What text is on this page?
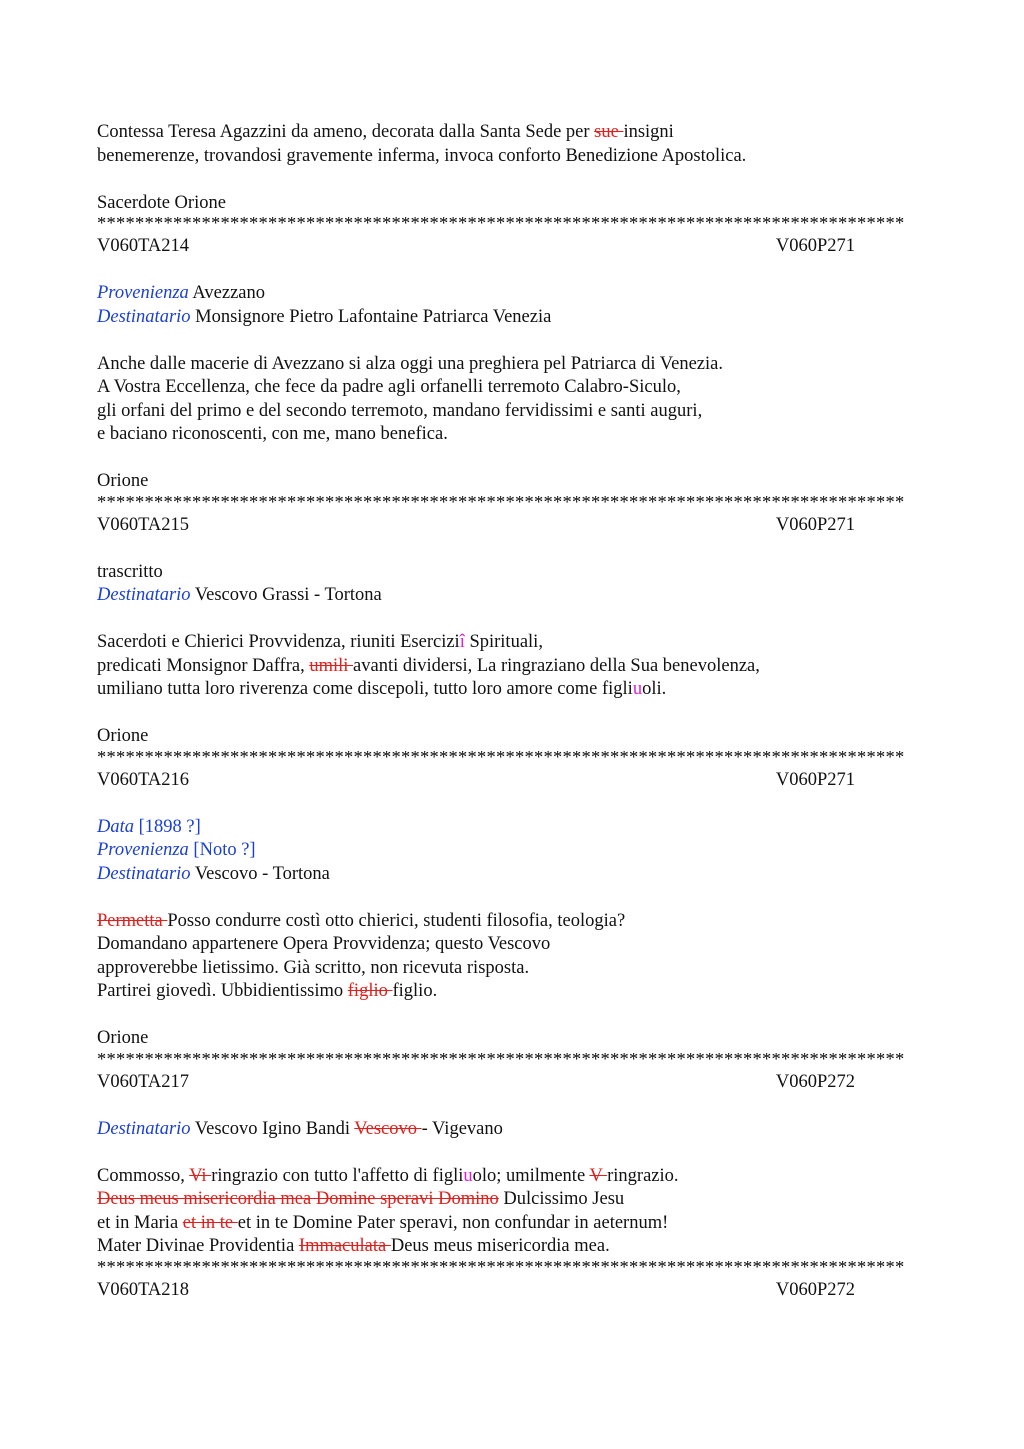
Contessa Teresa Agazzini da ameno, decorata dalla Santa Sede per sue insigni
benemerenze, trovandosi gravemente inferma, invoca conforto Benedizione Apostolica.
Sacerdote Orione
*************************************************************************************
V060TA214	V060P271
Provenienza Avezzano
Destinatario Monsignore Pietro Lafontaine Patriarca Venezia
Anche dalle macerie di Avezzano si alza oggi una preghiera pel Patriarca di Venezia.
A Vostra Eccellenza, che fece da padre agli orfanelli terremoto Calabro-Siculo,
gli orfani del primo e del secondo terremoto, mandano fervidissimi e santi auguri,
e baciano riconoscenti, con me, mano benefica.
Orione
*************************************************************************************
V060TA215	V060P271
trascritto
Destinatario Vescovo Grassi - Tortona
Sacerdoti e Chierici Provvidenza, riuniti Eserciziî Spirituali,
predicati Monsignor Daffra, umili avanti dividersi, La ringraziano della Sua benevolenza,
umiliano tutta loro riverenza come discepoli, tutto loro amore come figliuoli.
Orione
*************************************************************************************
V060TA216	V060P271
Data [1898 ?]
Provenienza [Noto ?]
Destinatario Vescovo - Tortona
Permetta Posso condurre costì otto chierici, studenti filosofia, teologia?
Domandano appartenere Opera Provvidenza; questo Vescovo
approverebbe lietissimo. Già scritto, non ricevuta risposta.
Partirei giovedì. Ubbidientissimo figlio figlio.
Orione
*************************************************************************************
V060TA217	V060P272
Destinatario Vescovo Igino Bandi Vescovo - Vigevano
Commosso, Vi ringrazio con tutto l'affetto di figliuolo; umilmente V ringrazio.
Deus meus misericordia mea Domine speravi Domino Dulcissimo Jesu
et in Maria et in te et in te Domine Pater speravi, non confundar in aeternum!
Mater Divinae Providentia Immaculata Deus meus misericordia mea.
*************************************************************************************
V060TA218	V060P272
